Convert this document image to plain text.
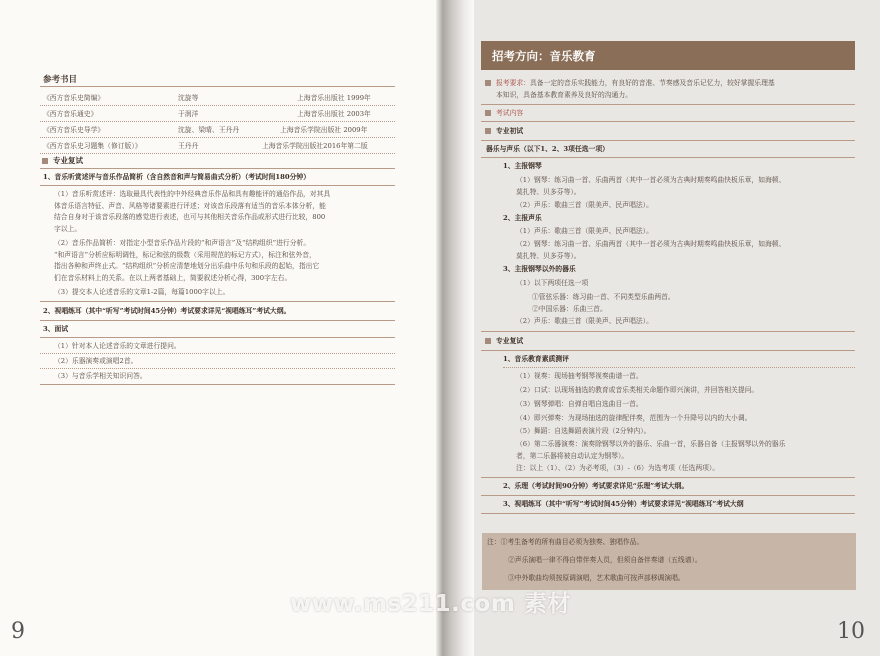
参考书目
《西方音乐史简编》	沈旋等	上海音乐出版社 1999年
《西方音乐通史》	于润洋	上海音乐出版社 2003年
《西方音乐史导学》	沈旋、梁晴、王丹丹	上海音乐学院出版社 2009年
《西方音乐史习题集（修订版）》	王丹丹	上海音乐学院出版社2016年第二版
专业复试
1、音乐听赏述评与音乐作品简析（含自然音和声与简易曲式分析）（考试时间180分钟）
（1）音乐听赏述评：选取最具代表性的中外经典音乐作品和具有趣能评的通俗作品，对其具
体音乐语言特征、声音、风格等诸要素进行评述；对该音乐段落有适当的音乐本体分析，能
结合自身对于该音乐段落的感觉进行表述，也可与其他相关音乐作品或形式进行比较，800
字以上。
（2）音乐作品简析：对指定小型音乐作品片段的“和声语言”及“结构组织”进行分析。
“和声语言”分析应标明调性，标记和弦的级数（采用规范的标记方式），标注和弦外音，
指出各种和声终止式。“结构组织”分析应清楚地划分出乐曲中乐句和乐段的起始，指出它
们在音乐材料上的关系。在以上两者基础上，简要叙述分析心得，300字左右。
（3）提交本人论述音乐的文章1-2篇，每篇1000字以上。
2、视唱练耳（其中“听写”考试时间45分钟）考试要求详见“视唱练耳”考试大纲。
3、面试
（1）针对本人论述音乐的文章进行提问。
（2）乐器演奏或演唱2首。
（3）与音乐学相关知识问答。
9
招考方向：音乐教育
报考要求：具备一定的音乐实践能力，有良好的音准、节奏感及音乐记忆力，较好掌握乐理基
本知识，具备基本教育素养及良好的沟通力。
考试内容
专业初试
器乐与声乐（以下1、2、3项任选一项）
1、主报钢琴
（1）钢琴：练习曲一首、乐曲两首（其中一首必须为古典时期奏鸣曲快板乐章，如海顿、
莫扎特、贝多芬等）。
（2）声乐：歌曲三首（限美声、民声唱法）。
2、主报声乐
（1）声乐：歌曲三首（限美声、民声唱法）。
（2）钢琴：练习曲一首、乐曲两首（其中一首必须为古典时期奏鸣曲快板乐章，如海顿、
莫扎特、贝多芬等）。
3、主报钢琴以外的器乐
（1）以下两项任选一项
①管弦乐器：练习曲一首、不同类型乐曲两首。
②中国乐器：乐曲三首。
（2）声乐：歌曲三首（限美声、民声唱法）。
专业复试
1、音乐教育素质测评
（1）视奏：现场抽考钢琴视奏曲谱一首。
（2）口试：以现场抽选的教育或音乐类相关命题作即兴演讲，并回答相关提问。
（3）钢琴弹唱：自弹自唱自选曲目一首。
（4）即兴弹奏：为现场抽选的旋律配伴奏，范围为一个升降号以内的大小调。
（5）舞蹈：自选舞蹈表演片段（2分钟内）。
（6）第二乐器演奏：演奏除钢琴以外的器乐、乐曲一首，乐器自备（主报钢琴以外的器乐
者，第二乐器将被自动认定为钢琴）。
注：以上（1）、（2）为必考项，（3）-（6）为选考项（任选两项）。
2、乐理（考试时间90分钟）考试要求详见“乐理”考试大纲。
3、视唱练耳（其中“听写”考试时间45分钟）考试要求详见“视唱练耳”考试大纲
注：①考生备考的所有曲目必须为独奏、独唱作品。
②声乐演唱一律不得自带伴奏人员，但须自备伴奏谱（五线谱）。
③中外歌曲均须按原调演唱，艺术歌曲可按声部移调演唱。
10
www.ms211.com 素材
